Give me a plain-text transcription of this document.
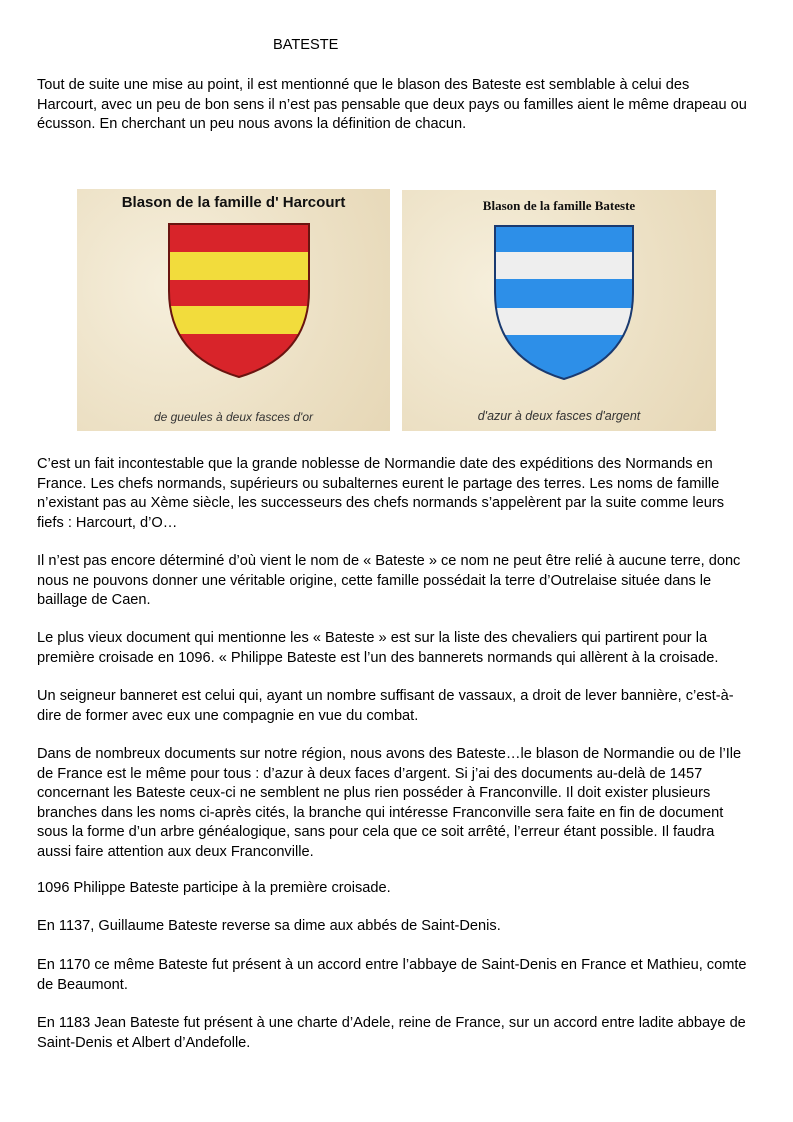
BATESTE

Tout de suite une mise au point, il est mentionné que le blason des Bateste est semblable à celui des
Harcourt, avec un peu de bon sens il n’est pas pensable que deux pays ou familles aient le même drapeau ou
écusson. En cherchant un peu nous avons la définition de chacun.

Blason de la famille d' Harcourt
de gueules à deux fasces d'or
Blason de la famille Bateste
d'azur à deux fasces d'argent

C’est un fait incontestable que la grande noblesse de Normandie date des expéditions des Normands en
France. Les chefs normands, supérieurs ou subalternes eurent le partage des terres. Les noms de famille
n’existant pas au Xème siècle, les successeurs des chefs normands s’appelèrent par la suite comme leurs
fiefs : Harcourt, d’O…

Il n’est pas encore déterminé d’où vient le nom de « Bateste » ce nom ne peut être relié à aucune terre, donc
nous ne pouvons donner une véritable origine, cette famille possédait la terre d’Outrelaise située dans le
baillage de Caen.

Le plus vieux document qui mentionne les « Bateste » est sur la liste des chevaliers qui partirent pour la
première croisade en 1096. « Philippe Bateste est l’un des bannerets normands qui allèrent à la croisade.

Un seigneur banneret est celui qui, ayant un nombre suffisant de vassaux, a droit de lever bannière, c’est-à-
dire de former avec eux une compagnie en vue du combat.

Dans de nombreux documents sur notre région, nous avons des Bateste…le blason de Normandie ou de l’Ile
de France est le même pour tous : d’azur à deux faces d’argent. Si j’ai des documents au-delà de 1457
concernant les Bateste ceux-ci ne semblent ne plus rien posséder à Franconville. Il doit exister plusieurs
branches dans les noms ci-après cités, la branche qui intéresse Franconville sera faite en fin de document
sous la forme d’un arbre généalogique, sans pour cela que ce soit arrêté, l’erreur étant possible. Il faudra
aussi faire attention aux deux Franconville.

1096 Philippe Bateste participe à la première croisade.

En 1137, Guillaume Bateste reverse sa dime aux abbés de Saint-Denis.

En 1170 ce même Bateste fut présent à un accord entre l’abbaye de Saint-Denis en France et Mathieu, comte
de Beaumont.

En 1183 Jean Bateste fut présent à une charte d’Adele, reine de France, sur un accord entre ladite abbaye de
Saint-Denis et Albert d’Andefolle.
